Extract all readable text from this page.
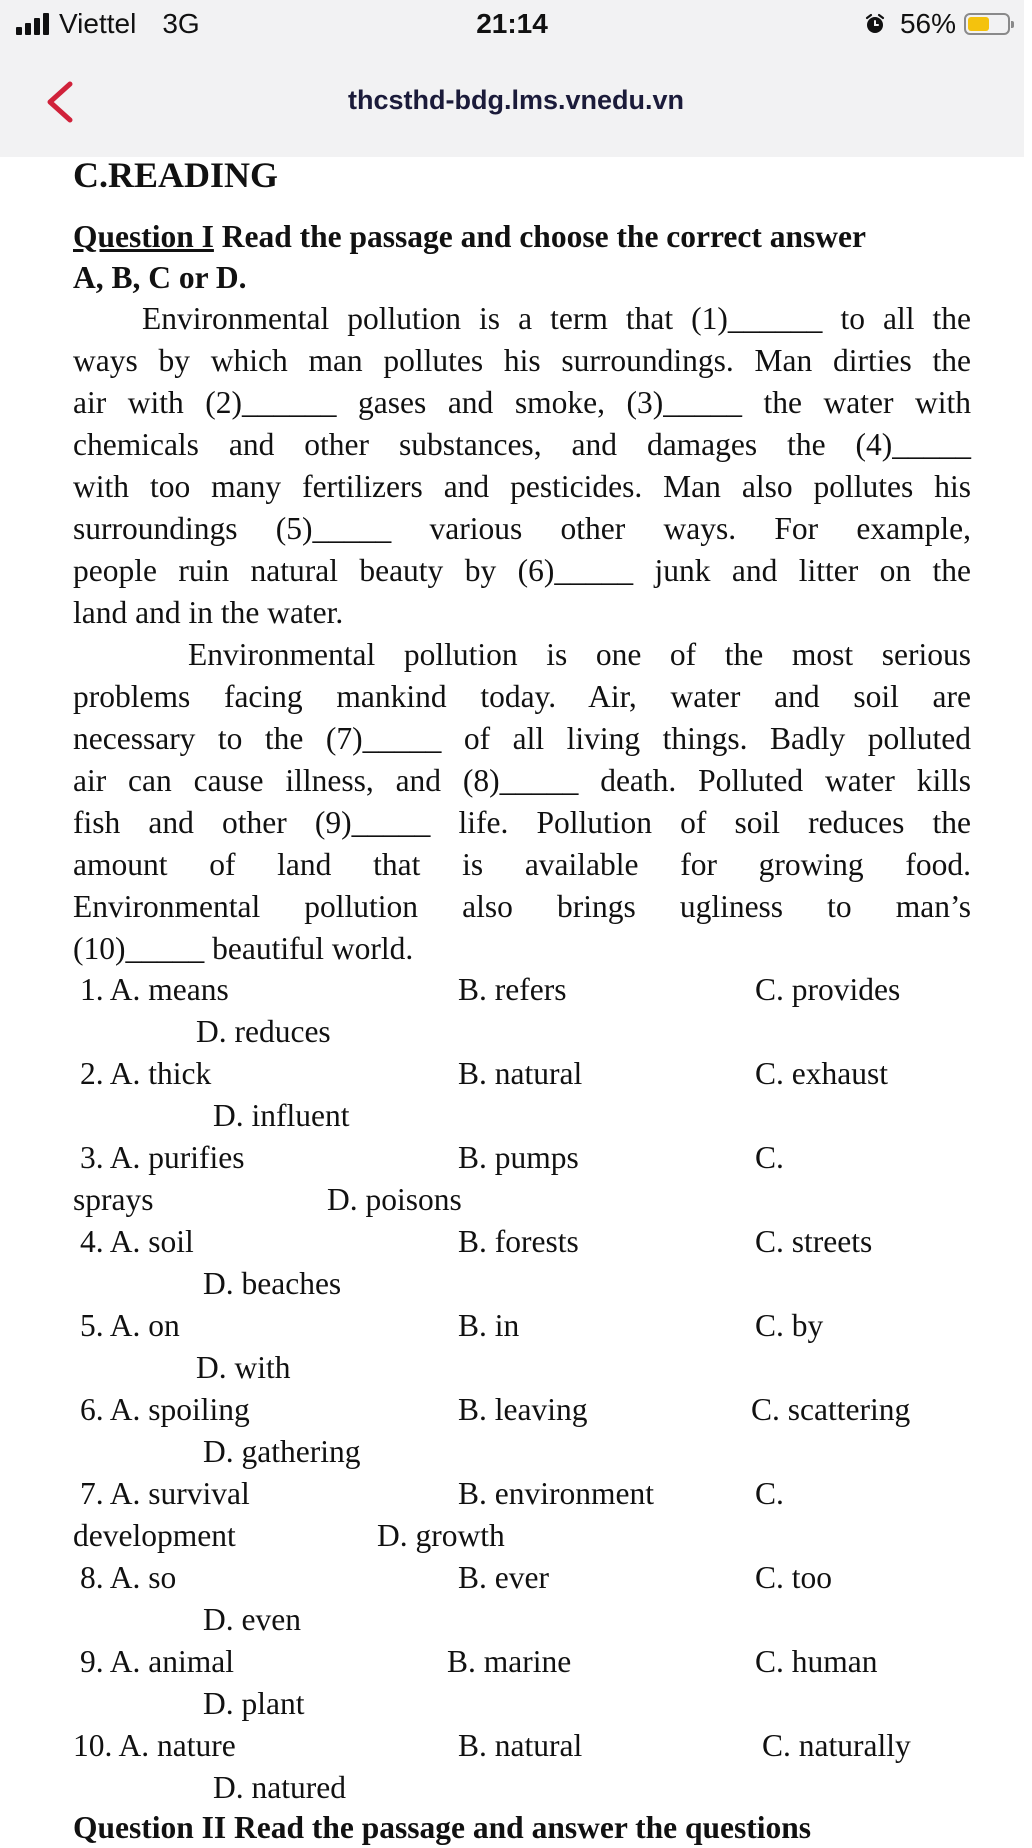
Viettel 3G	21:14	56%
thcsthd-bdg.lms.vnedu.vn
C.READING
Question I Read the passage and choose the correct answer
A, B, C or D.
Environmental pollution is a term that (1)______ to all the
ways by which man pollutes his surroundings. Man dirties the
air with (2)______ gases and smoke, (3)_____ the water with
chemicals and other substances, and damages the (4)_____
with too many fertilizers and pesticides. Man also pollutes his
surroundings (5)_____ various other ways. For example,
people ruin natural beauty by (6)_____ junk and litter on the
land and in the water.
Environmental pollution is one of the most serious
problems facing mankind today. Air, water and soil are
necessary to the (7)_____ of all living things. Badly polluted
air can cause illness, and (8)_____ death. Polluted water kills
fish and other (9)_____ life. Pollution of soil reduces the
amount of land that is available for growing food.
Environmental pollution also brings ugliness to man’s
(10)_____ beautiful world.
1. A. means	B. refers	C. provides
D. reduces
2. A. thick	B. natural	C. exhaust
D. influent
3. A. purifies	B. pumps	C.
sprays	D. poisons
4. A. soil	B. forests	C. streets
D. beaches
5. A. on	B. in	C. by
D. with
6. A. spoiling	B. leaving	C. scattering
D. gathering
7. A. survival	B. environment	C.
development	D. growth
8. A. so	B. ever	C. too
D. even
9. A. animal	B. marine	C. human
D. plant
10. A. nature	B. natural	C. naturally
D. natured
Question II Read the passage and answer the questions
